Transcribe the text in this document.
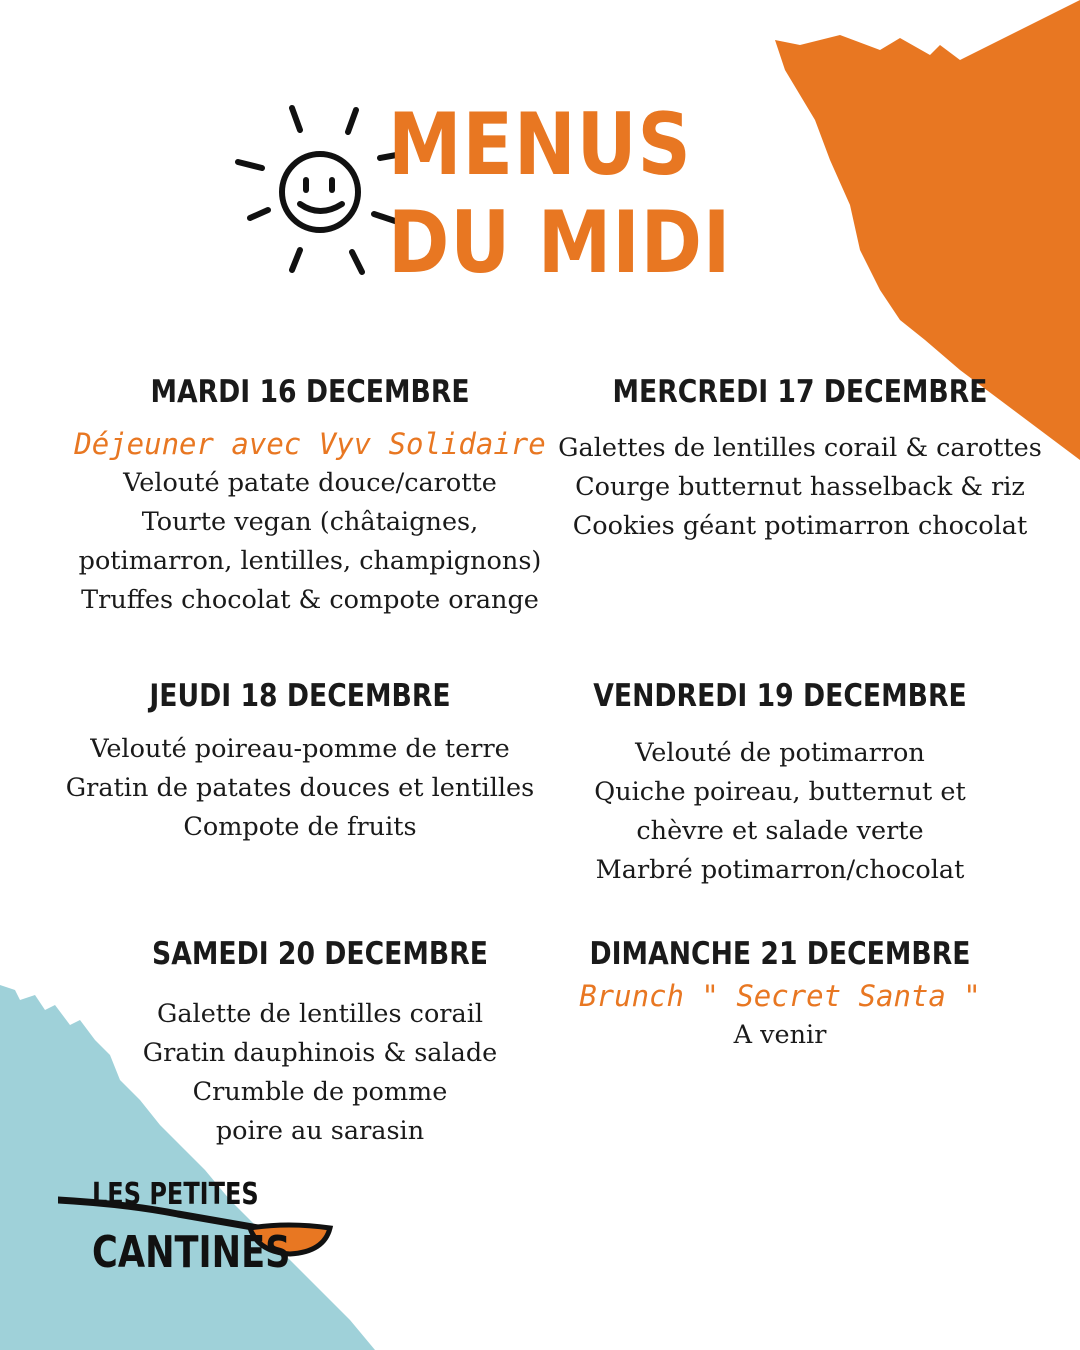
MENUS
DU MIDI
MARDI 16 DECEMBRE
Déjeuner avec Vyv Solidaire
Velouté patate douce/carotte
Tourte vegan (châtaignes,
potimarron, lentilles, champignons)
Truffes chocolat & compote orange
MERCREDI 17 DECEMBRE
Galettes de lentilles corail & carottes
Courge butternut hasselback & riz
Cookies géant potimarron chocolat
JEUDI 18 DECEMBRE
Velouté poireau-pomme de terre
Gratin de patates douces et lentilles
Compote de fruits
VENDREDI 19 DECEMBRE
Velouté de potimarron
Quiche poireau, butternut et
chèvre et salade verte
Marbré potimarron/chocolat
SAMEDI 20 DECEMBRE
Galette de lentilles corail
Gratin dauphinois & salade
Crumble de pomme
poire au sarasin
DIMANCHE 21 DECEMBRE
Brunch " Secret Santa "
A venir
LES PETITES
CANTINES
